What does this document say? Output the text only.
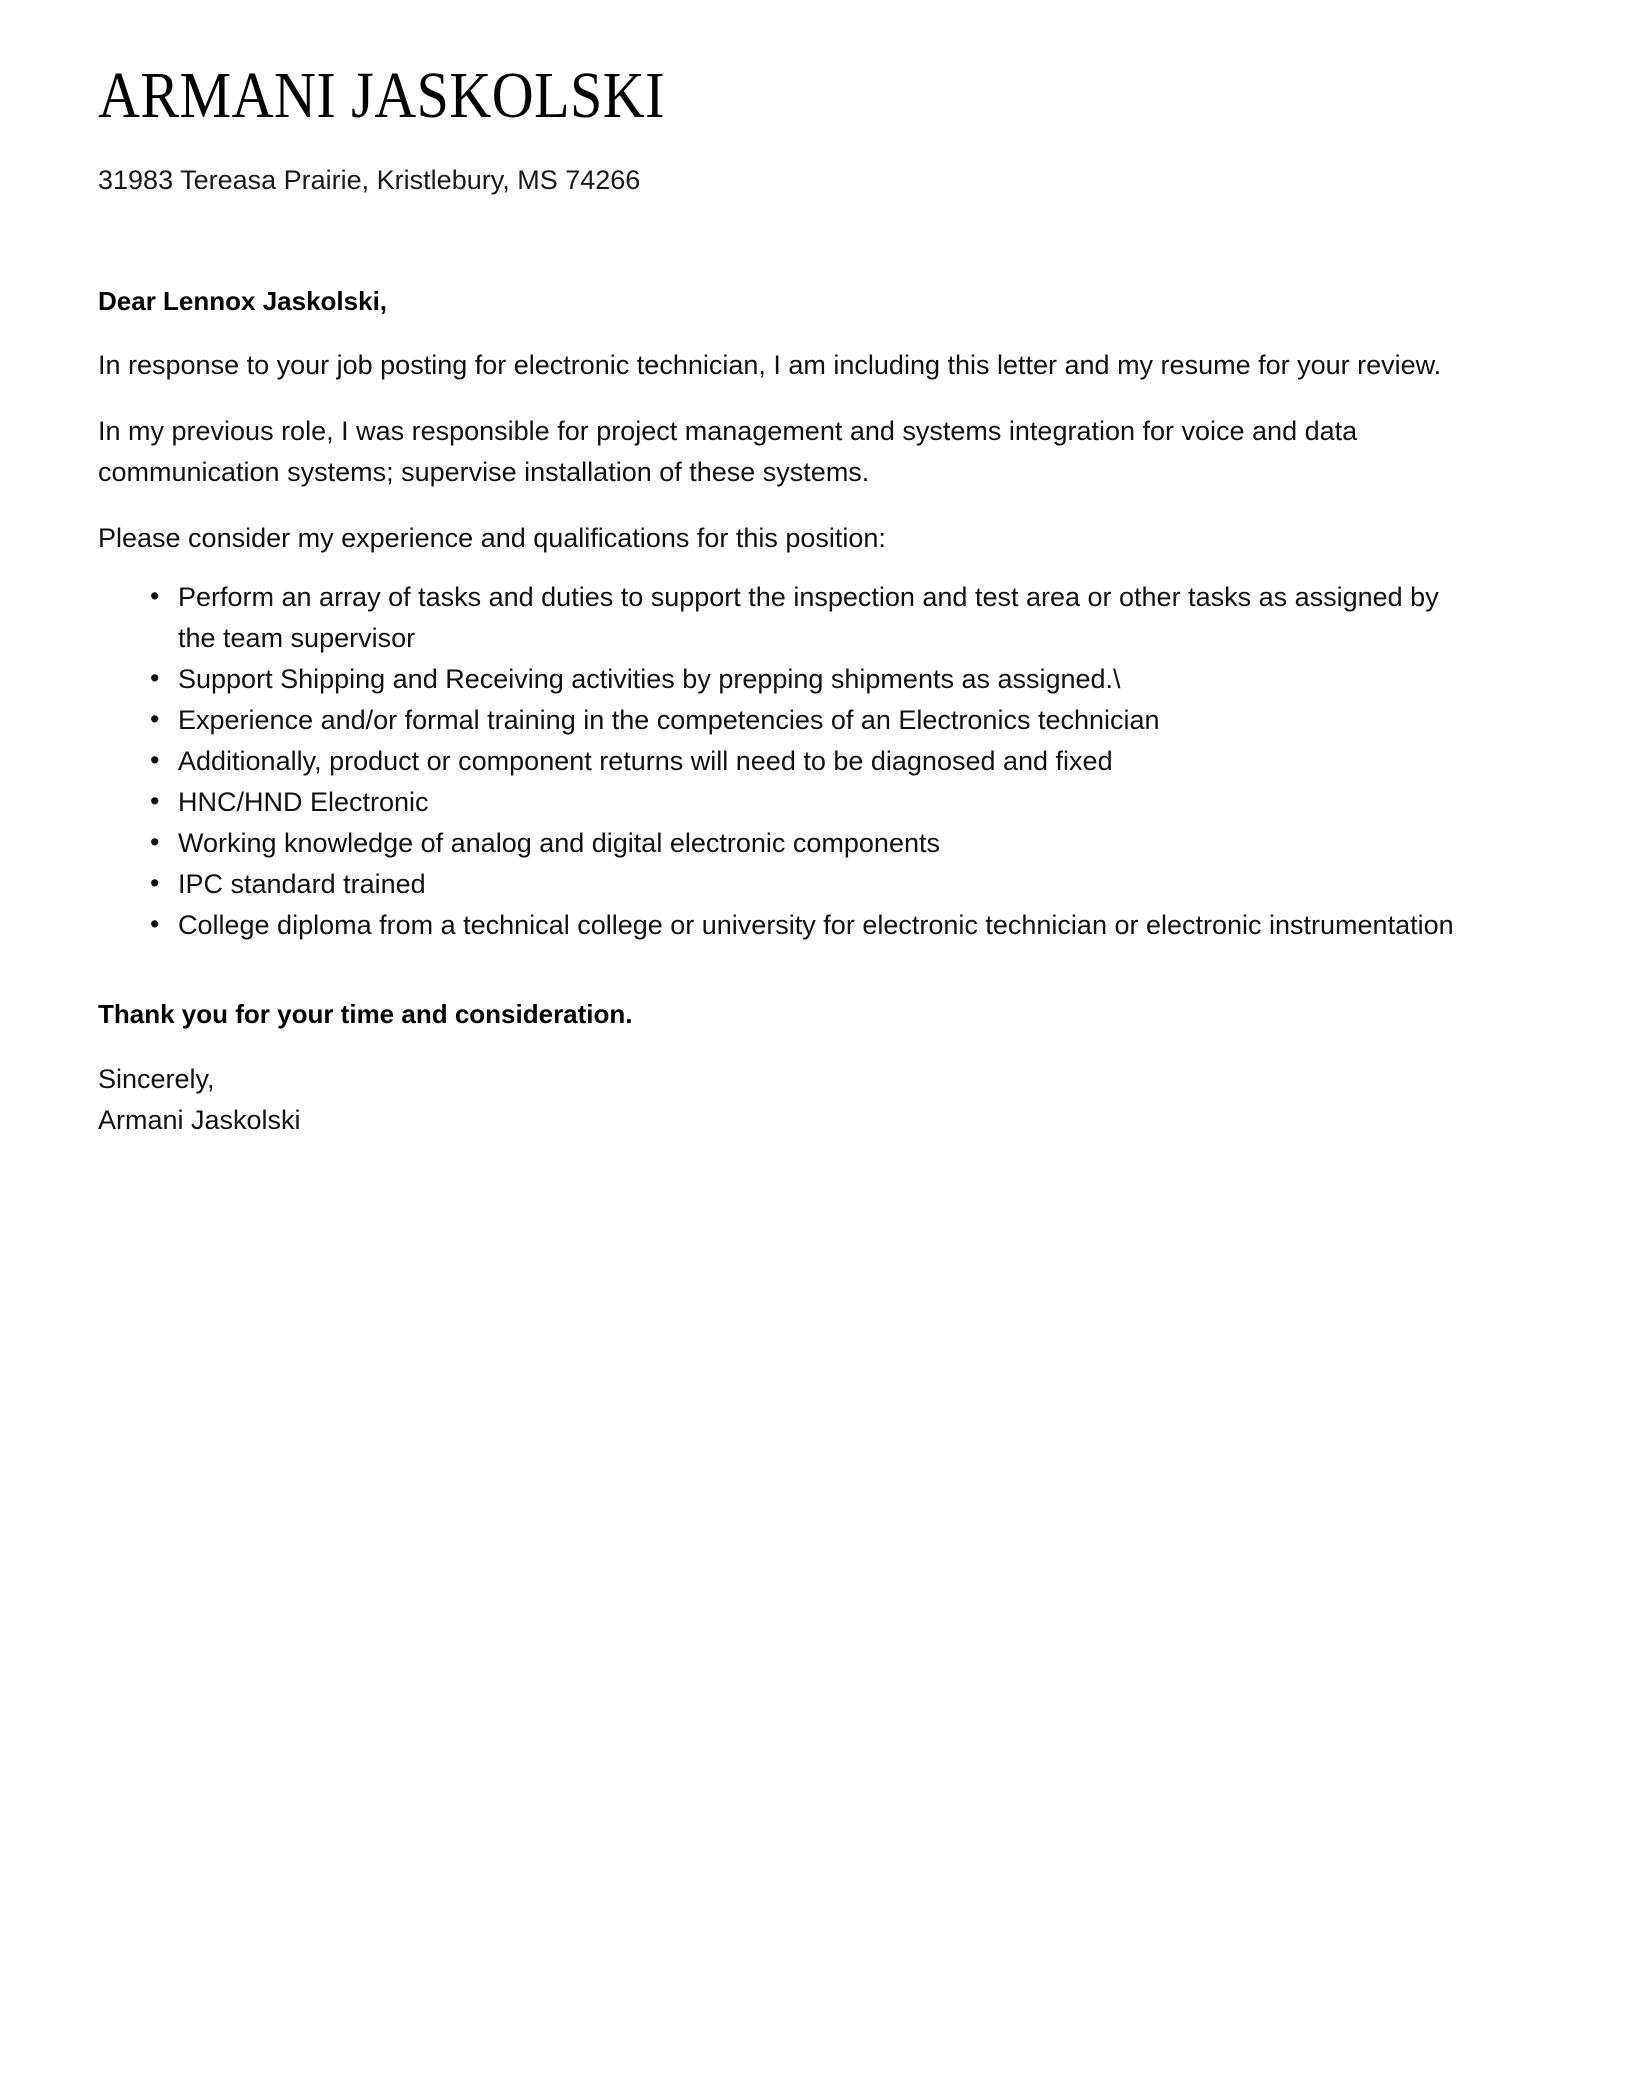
ARMANI JASKOLSKI

31983 Tereasa Prairie, Kristlebury, MS 74266

Dear Lennox Jaskolski,

In response to your job posting for electronic technician, I am including this letter and my resume for your review.

In my previous role, I was responsible for project management and systems integration for voice and data communication systems; supervise installation of these systems.

Please consider my experience and qualifications for this position:

• Perform an array of tasks and duties to support the inspection and test area or other tasks as assigned by the team supervisor
• Support Shipping and Receiving activities by prepping shipments as assigned.\
• Experience and/or formal training in the competencies of an Electronics technician
• Additionally, product or component returns will need to be diagnosed and fixed
• HNC/HND Electronic
• Working knowledge of analog and digital electronic components
• IPC standard trained
• College diploma from a technical college or university for electronic technician or electronic instrumentation

Thank you for your time and consideration.

Sincerely,
Armani Jaskolski
